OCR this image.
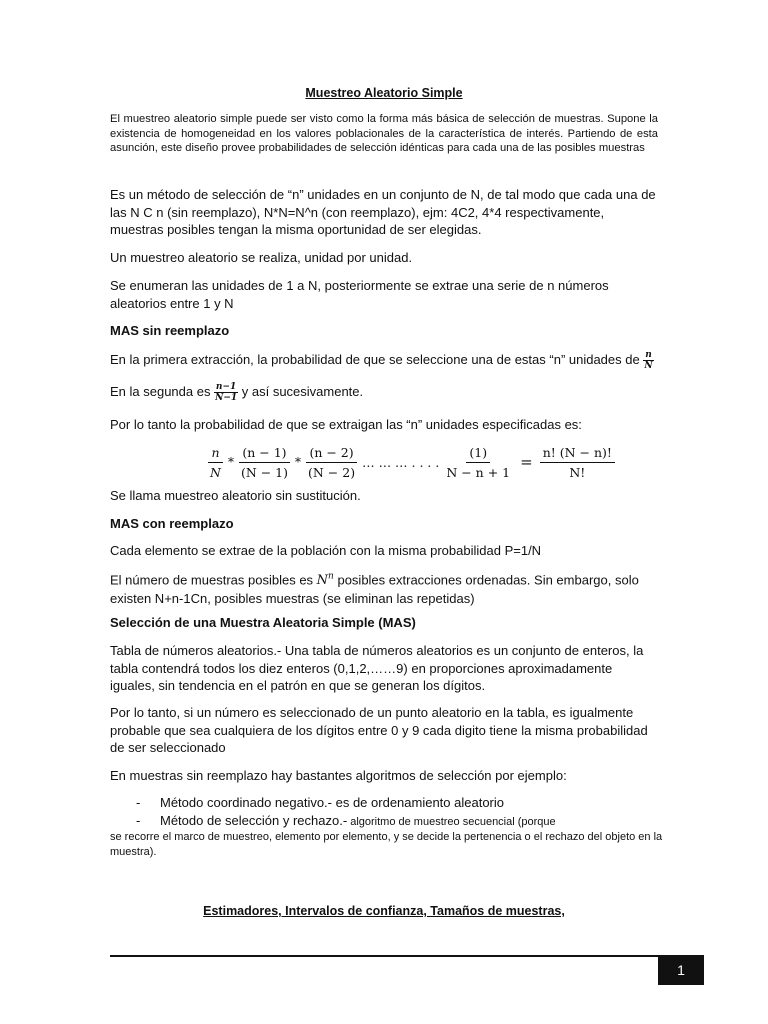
Muestreo Aleatorio Simple
El muestreo aleatorio simple puede ser visto como la forma más básica de selección de muestras. Supone la existencia de homogeneidad en los valores poblacionales de la característica de interés. Partiendo de esta asunción, este diseño provee probabilidades de selección idénticas para cada una de las posibles muestras
Es un método de selección de “n” unidades en un conjunto de N, de tal modo que cada una de las N C n (sin reemplazo), N*N=N^n (con reemplazo), ejm: 4C2, 4*4 respectivamente, muestras posibles tengan la misma oportunidad de ser elegidas.
Un muestreo aleatorio se realiza, unidad por unidad.
Se enumeran las unidades de 1 a N, posteriormente se extrae una serie de n números aleatorios entre 1 y N
MAS sin reemplazo
En la primera extracción, la probabilidad de que se seleccione una de estas “n” unidades de $\frac{n}{N}$
En la segunda es $\frac{n-1}{N-1}$ y así sucesivamente.
Por lo tanto la probabilidad de que se extraigan las “n” unidades especificadas es:
$\frac{n}{N} * \frac{(n - 1)}{(N - 1)} * \frac{(n - 2)}{(N - 2)}$ … … … . . . . $\frac{(1)}{N - n + 1} = \frac{n! (N - n)!}{N!}$
Se llama muestreo aleatorio sin sustitución.
MAS con reemplazo
Cada elemento se extrae de la población con la misma probabilidad P=1/N
El número de muestras posibles es $N^n$ posibles extracciones ordenadas. Sin embargo, solo existen N+n-1Cn, posibles muestras (se eliminan las repetidas)
Selección de una Muestra Aleatoria Simple (MAS)
Tabla de números aleatorios.- Una tabla de números aleatorios es un conjunto de enteros, la tabla contendrá todos los diez enteros (0,1,2,……9) en proporciones aproximadamente iguales, sin tendencia en el patrón en que se generan los dígitos.
Por lo tanto, si un número es seleccionado de un punto aleatorio en la tabla, es igualmente probable que sea cualquiera de los dígitos entre 0 y 9 cada digito tiene la misma probabilidad de ser seleccionado
En muestras sin reemplazo hay bastantes algoritmos de selección por ejemplo:
- Método coordinado negativo.- es de ordenamiento aleatorio
- Método de selección y rechazo.- algoritmo de muestreo secuencial (porque
se recorre el marco de muestreo, elemento por elemento, y se decide la pertenencia o el rechazo del objeto en la muestra).
Estimadores, Intervalos de confianza, Tamaños de muestras,
1
